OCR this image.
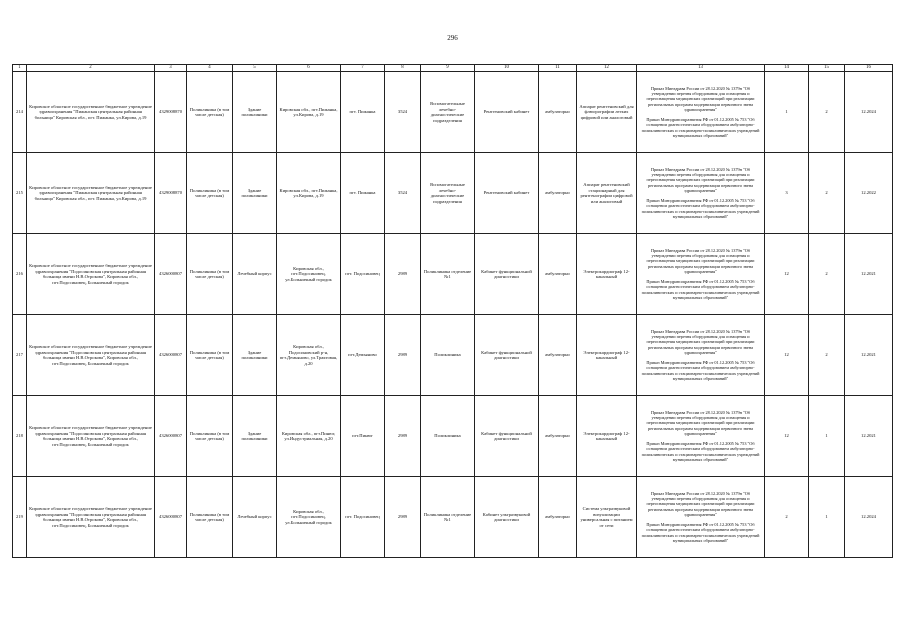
296
1	2	3	4	5	6	7	8	9	10	11	12	13	14	15	16
214	Кировское областное государственное бюджетное учреждение здравоохранения "Пижанская центральная районная больница" Кировская обл., пгт. Пижанка, ул.Кирова, д.19	4329008870	Поликлиника (в том числе детская)	Здание поликлиники	Кировская обл., пгт.Пижанка, ул.Кирова, д.19	пгт. Пижанка	3524	Вспомогательные лечебно-диагностические подразделения	Рентгеновский кабинет	амбулаторно	Аппарат рентгеновский для флюорографии легких цифровой или аналоговый	Приказ Минздрава России от 28.12.2020 № 1379н "Об утверждении перечня оборудования для оснащения и переоснащения медицинских организаций при реализации региональных программ модернизации первичного звена здравоохранения"
Приказ Минздравсоцразвития РФ от 01.12.2005 № 753 "Об оснащении диагностическим оборудованием амбулаторно-поликлинических и стационарно-поликлинических учреждений муниципальных образований"	1	2	12.2024
215	Кировское областное государственное бюджетное учреждение здравоохранения "Пижанская центральная районная больница" Кировская обл., пгт. Пижанка, ул.Кирова, д.19	4329008870	Поликлиника (в том числе детская)	Здание поликлиники	Кировская обл., пгт.Пижанка, ул.Кирова, д.19	пгт. Пижанка	3524	Вспомогательные лечебно-диагностические подразделения	Рентгеновский кабинет	амбулаторно	Аппарат рентгеновский стационарный для рентгенографии цифровой или аналоговый	Приказ Минздрава России от 28.12.2020 № 1379н "Об утверждении перечня оборудования для оснащения и переоснащения медицинских организаций при реализации региональных программ модернизации первичного звена здравоохранения"
Приказ Минздравсоцразвития РФ от 01.12.2005 № 753 "Об оснащении диагностическим оборудованием амбулаторно-поликлинических и стационарно-поликлинических учреждений муниципальных образований"	3	2	12.2022
216	Кировское областное государственное бюджетное учреждение здравоохранения "Подосиновская центральная районная больница имени Н.В.Отрокова", Кировская обл., пгт.Подосиновец, Больничный городок	4326000807	Поликлиника (в том числе детская)	Лечебный корпус	Кировская обл., пгт.Подосиновец, ул.Больничный городок	пгт. Подосиновец	2989	Поликлиника отделение №1	Кабинет функциональной диагностики	амбулаторно	Электрокардиограф 12-канальный	Приказ Минздрава России от 28.12.2020 № 1379н "Об утверждении перечня оборудования для оснащения и переоснащения медицинских организаций при реализации региональных программ модернизации первичного звена здравоохранения"
Приказ Минздравсоцразвития РФ от 01.12.2005 № 753 "Об оснащении диагностическим оборудованием амбулаторно-поликлинических и стационарно-поликлинических учреждений муниципальных образований"	12	2	12.2021
217	Кировское областное государственное бюджетное учреждение здравоохранения "Подосиновская центральная районная больница имени Н.В.Отрокова", Кировская обл., пгт.Подосиновец, Больничный городок	4326000807	Поликлиника (в том числе детская)	Здание поликлиники	Кировская обл., Подосиновский р-н, пгт.Демьяново, ул.Трактовая, д.20	пгт.Демьяново	2989	Поликлиника	Кабинет функциональной диагностики	амбулаторно	Электрокардиограф 12-канальный	Приказ Минздрава России от 28.12.2020 № 1379н "Об утверждении перечня оборудования для оснащения и переоснащения медицинских организаций при реализации региональных программ модернизации первичного звена здравоохранения"
Приказ Минздравсоцразвития РФ от 01.12.2005 № 753 "Об оснащении диагностическим оборудованием амбулаторно-поликлинических и стационарно-поликлинических учреждений муниципальных образований"	12	2	12.2021
218	Кировское областное государственное бюджетное учреждение здравоохранения "Подосиновская центральная районная больница имени Н.В.Отрокова", Кировская обл., пгт.Подосиновец, Больничный городок	4326000807	Поликлиника (в том числе детская)	Здание поликлиники	Кировская обл., пгт.Пинюг, ул.Индустриальная, д.20	пгт.Пинюг	2989	Поликлиника	Кабинет функциональной диагностики	амбулаторно	Электрокардиограф 12-канальный	Приказ Минздрава России от 28.12.2020 № 1379н "Об утверждении перечня оборудования для оснащения и переоснащения медицинских организаций при реализации региональных программ модернизации первичного звена здравоохранения"
Приказ Минздравсоцразвития РФ от 01.12.2005 № 753 "Об оснащении диагностическим оборудованием амбулаторно-поликлинических и стационарно-поликлинических учреждений муниципальных образований"	12	1	12.2021
219	Кировское областное государственное бюджетное учреждение здравоохранения "Подосиновская центральная районная больница имени Н.В.Отрокова", Кировская обл., пгт.Подосиновец, Больничный городок	4326000807	Поликлиника (в том числе детская)	Лечебный корпус	Кировская обл., пгт.Подосиновец, ул.Больничный городок	пгт. Подосиновец	2989	Поликлиника отделение №1	Кабинет ультразвуковой диагностики	амбулаторно	Система ультразвуковой визуализации универсальная с питанием от сети	Приказ Минздрава России от 28.12.2020 № 1379н "Об утверждении перечня оборудования для оснащения и переоснащения медицинских организаций при реализации региональных программ модернизации первичного звена здравоохранения"
Приказ Минздравсоцразвития РФ от 01.12.2005 № 753 "Об оснащении диагностическим оборудованием амбулаторно-поликлинических и стационарно-поликлинических учреждений муниципальных образований"	2	1	12.2024
